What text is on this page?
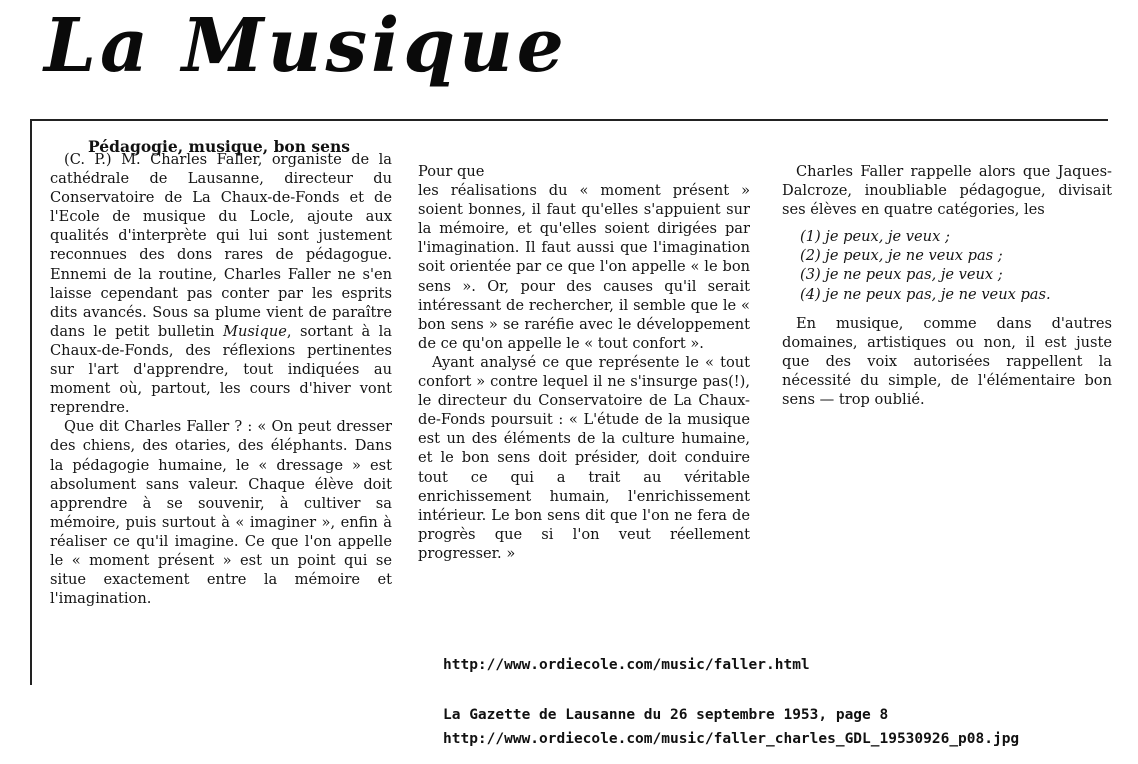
La Musique
Pédagogie, musique, bon sens

(C. P.) M. Charles Faller, organiste de la cathédrale de Lausanne, directeur du Conservatoire de La Chaux-de-Fonds et de l'Ecole de musique du Locle, ajoute aux qualités d'interprète qui lui sont justement reconnues des dons rares de pédagogue. Ennemi de la routine, Charles Faller ne s'en laisse cependant pas conter par les esprits dits avancés. Sous sa plume vient de paraître dans le petit bulletin Musique, sortant à la Chaux-de-Fonds, des réflexions pertinentes sur l'art d'apprendre, tout indiquées au moment où, partout, les cours d'hiver vont reprendre.

Que dit Charles Faller ? : « On peut dresser des chiens, des otaries, des éléphants. Dans la pédagogie humaine, le « dressage » est absolument sans valeur. Chaque élève doit apprendre à se souvenir, à cultiver sa mémoire, puis surtout à « imaginer », enfin à réaliser ce qu'il imagine. Ce que l'on appelle le « moment présent » est un point qui se situe exactement entre la mémoire et l'imagination.

Pour que

les réalisations du « moment présent » soient bonnes, il faut qu'elles s'appuient sur la mémoire, et qu'elles soient dirigées par l'imagination. Il faut aussi que l'imagination soit orientée par ce que l'on appelle « le bon sens ». Or, pour des causes qu'il serait intéressant de rechercher, il semble que le « bon sens » se raréfie avec le développement de ce qu'on appelle le « tout confort ».

Ayant analysé ce que représente le « tout confort » contre lequel il ne s'insurge pas(!), le directeur du Conservatoire de La Chaux-de-Fonds poursuit : « L'étude de la musique est un des éléments de la culture humaine, et le bon sens doit présider, doit conduire tout ce qui a trait au véritable enrichissement humain, l'enrichissement intérieur. Le bon sens dit que l'on ne fera de progrès que si l'on veut réellement progresser. »

Charles Faller rappelle alors que Jaques-Dalcroze, inoubliable pédagogue, divisait ses élèves en quatre catégories, les

(1) je peux, je veux ;
(2) je peux, je ne veux pas ;
(3) je ne peux pas, je veux ;
(4) je ne peux pas, je ne veux pas.

En musique, comme dans d'autres domaines, artistiques ou non, il est juste que des voix autorisées rappellent la nécessité du simple, de l'élémentaire bon sens — trop oublié.

http://www.ordiecole.com/music/faller.html
La Gazette de Lausanne du 26 septembre 1953, page 8
http://www.ordiecole.com/music/faller_charles_GDL_19530926_p08.jpg
